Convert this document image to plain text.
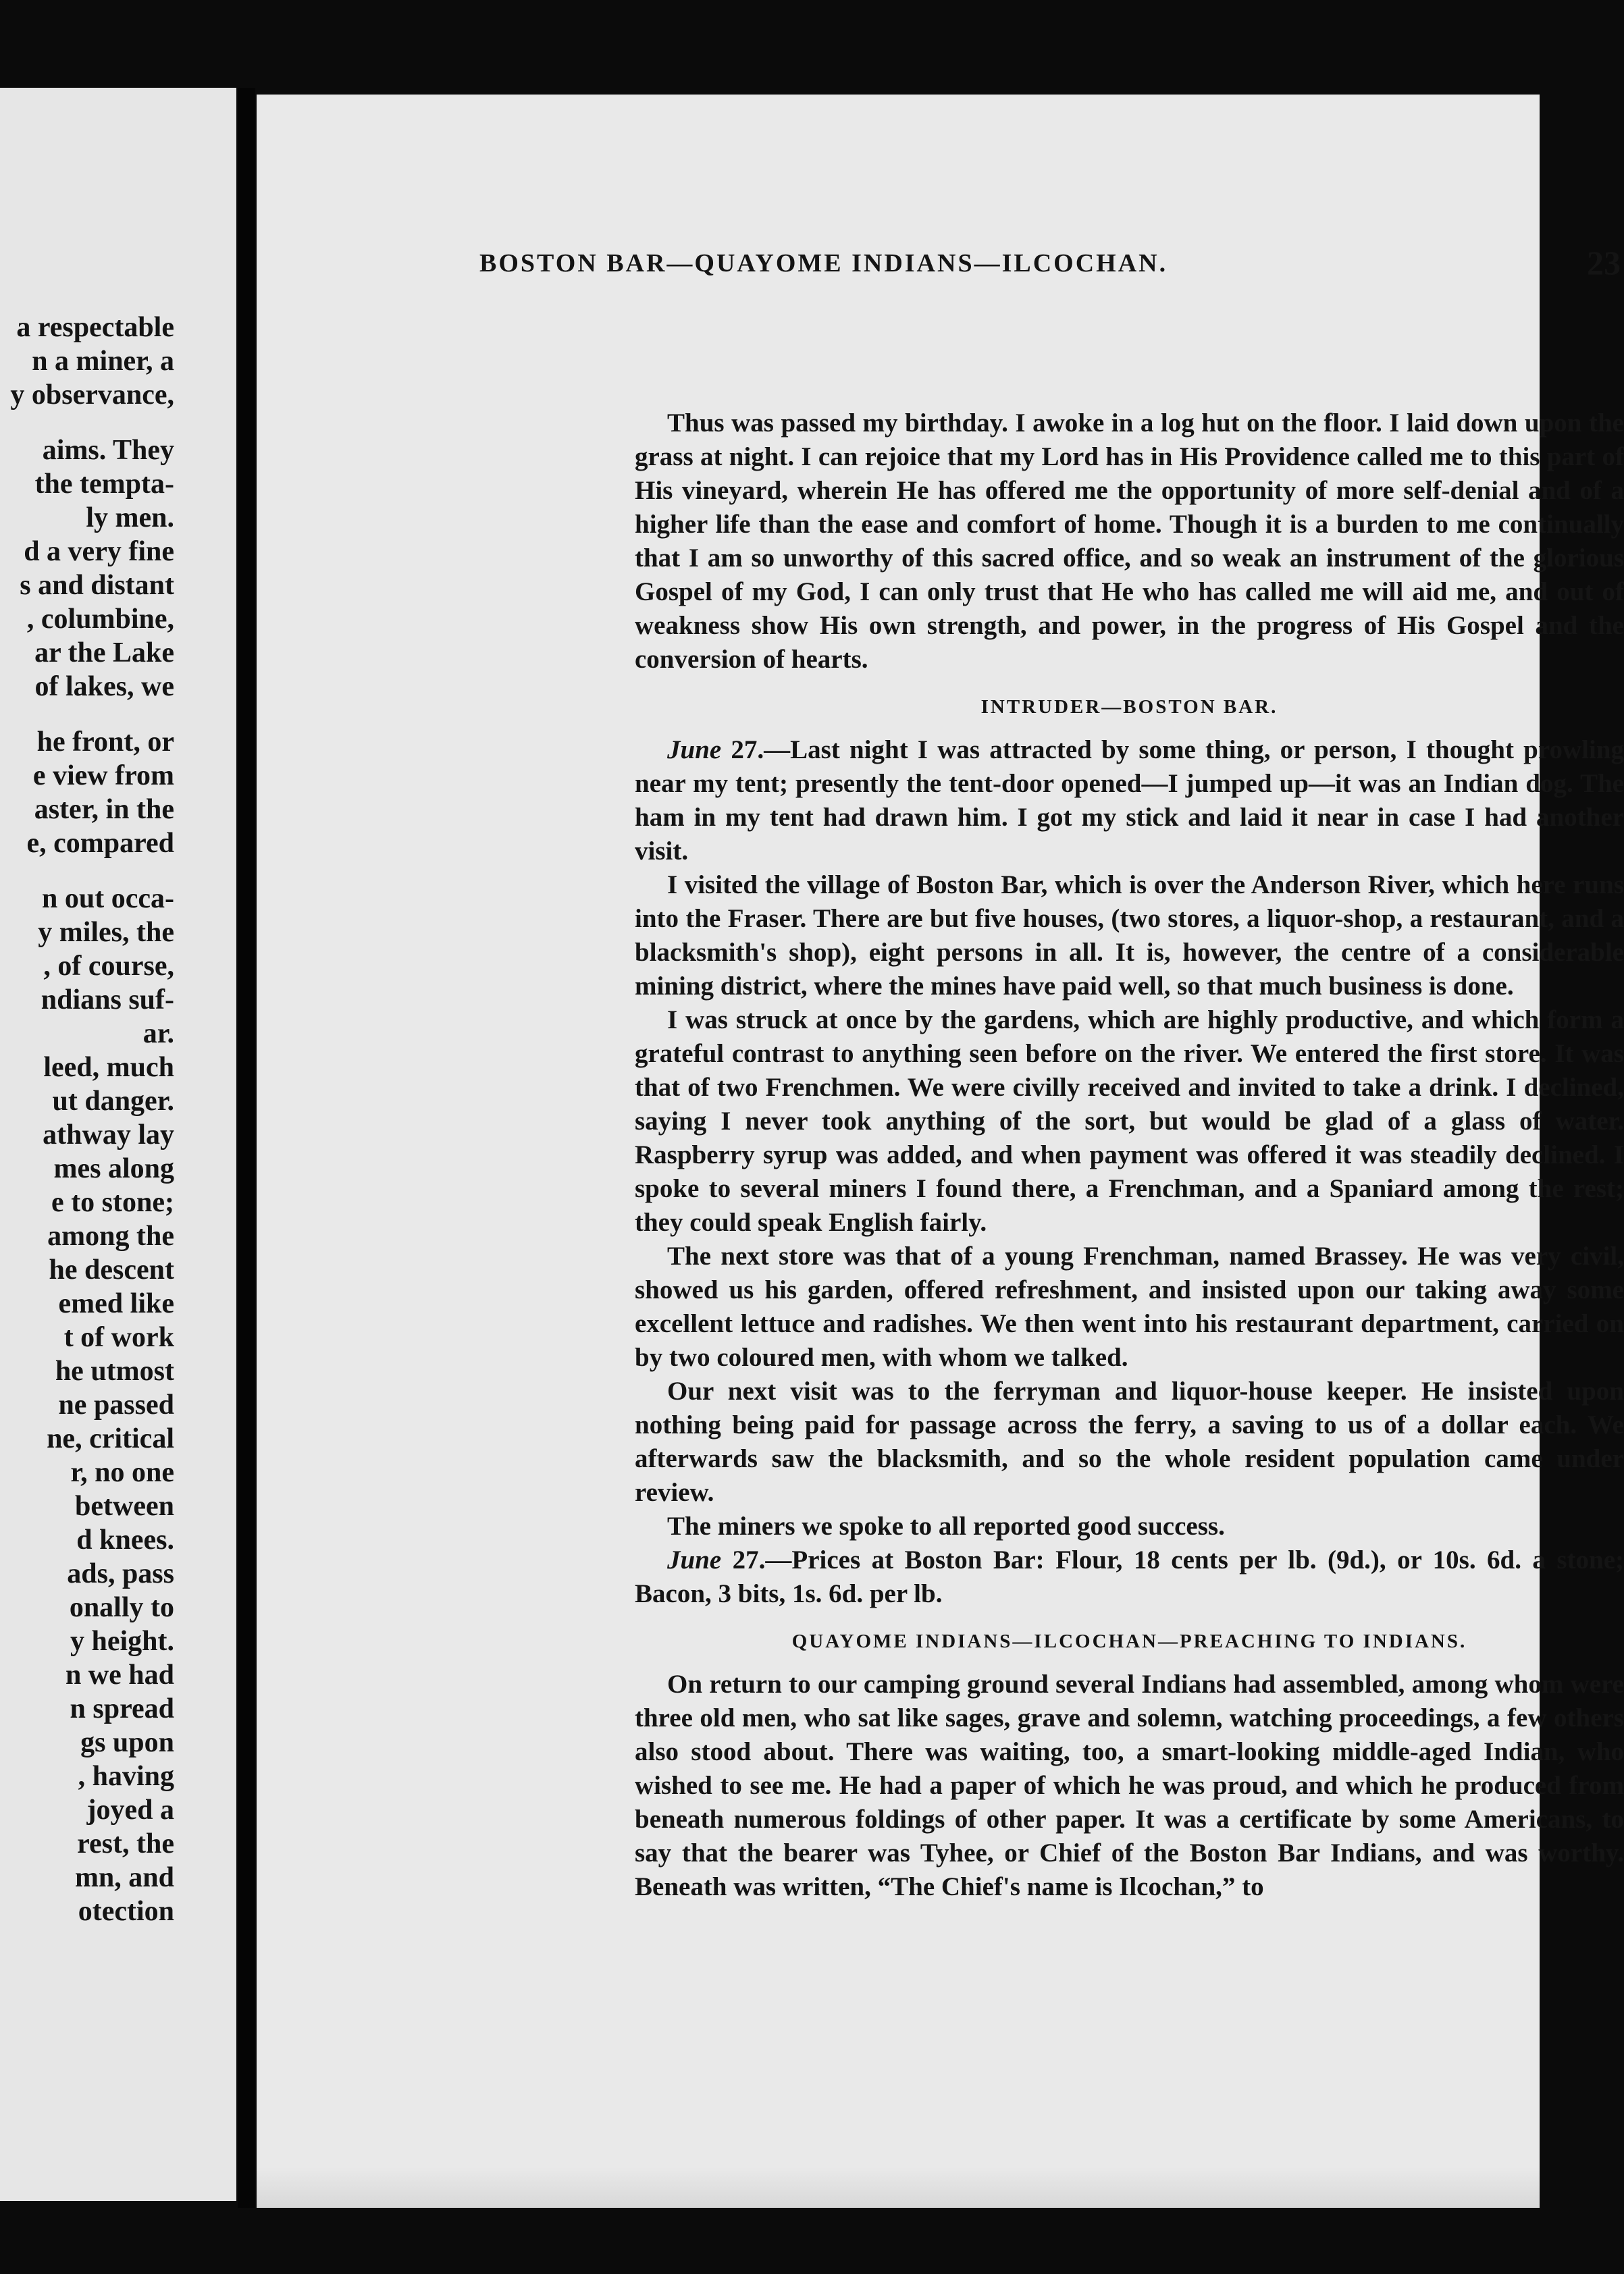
a respectable
n a miner, a
y observance,
aims. They
the tempta-
ly men.
d a very fine
s and distant
, columbine,
ar the Lake
of lakes, we
he front, or
e view from
aster, in the
e, compared
n out occa-
y miles, the
, of course,
ndians suf-
ar.
leed, much
ut danger.
athway lay
mes along
e to stone;
among the
he descent
emed like
t of work
he utmost
ne passed
ne, critical
r, no one
between
d knees.
ads, pass
onally to
y height.
n we had
n spread
gs upon
, having
joyed a
rest, the
mn, and
otection
BOSTON BAR—QUAYOME INDIANS—ILCOCHAN.	23

Thus was passed my birthday. I awoke in a log hut on the floor. I laid down upon the grass at night. I can rejoice that my Lord has in His Providence called me to this part of His vineyard, wherein He has offered me the opportunity of more self-denial and of a higher life than the ease and comfort of home. Though it is a burden to me continually that I am so unworthy of this sacred office, and so weak an instrument of the glorious Gospel of my God, I can only trust that He who has called me will aid me, and out of weakness show His own strength, and power, in the progress of His Gospel and the conversion of hearts.

INTRUDER—BOSTON BAR.

June 27.—Last night I was attracted by some thing, or person, I thought prowling near my tent; presently the tent-door opened—I jumped up—it was an Indian dog. The ham in my tent had drawn him. I got my stick and laid it near in case I had another visit.

I visited the village of Boston Bar, which is over the Anderson River, which here runs into the Fraser. There are but five houses, (two stores, a liquor-shop, a restaurant, and a blacksmith's shop), eight persons in all. It is, however, the centre of a considerable mining district, where the mines have paid well, so that much business is done.

I was struck at once by the gardens, which are highly productive, and which form a grateful contrast to anything seen before on the river. We entered the first store. It was that of two Frenchmen. We were civilly received and invited to take a drink. I declined, saying I never took anything of the sort, but would be glad of a glass of water. Raspberry syrup was added, and when payment was offered it was steadily declined. I spoke to several miners I found there, a Frenchman, and a Spaniard among the rest; they could speak English fairly.

The next store was that of a young Frenchman, named Brassey. He was very civil, showed us his garden, offered refreshment, and insisted upon our taking away some excellent lettuce and radishes. We then went into his restaurant department, carried on by two coloured men, with whom we talked.

Our next visit was to the ferryman and liquor-house keeper. He insisted upon nothing being paid for passage across the ferry, a saving to us of a dollar each. We afterwards saw the blacksmith, and so the whole resident population came under review.

The miners we spoke to all reported good success.

June 27.—Prices at Boston Bar: Flour, 18 cents per lb. (9d.), or 10s. 6d. a stone; Bacon, 3 bits, 1s. 6d. per lb.

QUAYOME INDIANS—ILCOCHAN—PREACHING TO INDIANS.

On return to our camping ground several Indians had assembled, among whom were three old men, who sat like sages, grave and solemn, watching proceedings, a few others also stood about. There was waiting, too, a smart-looking middle-aged Indian, who wished to see me. He had a paper of which he was proud, and which he produced from beneath numerous foldings of other paper. It was a certificate by some Americans, to say that the bearer was Tyhee, or Chief of the Boston Bar Indians, and was worthy. Beneath was written, “The Chief's name is Ilcochan,” to
